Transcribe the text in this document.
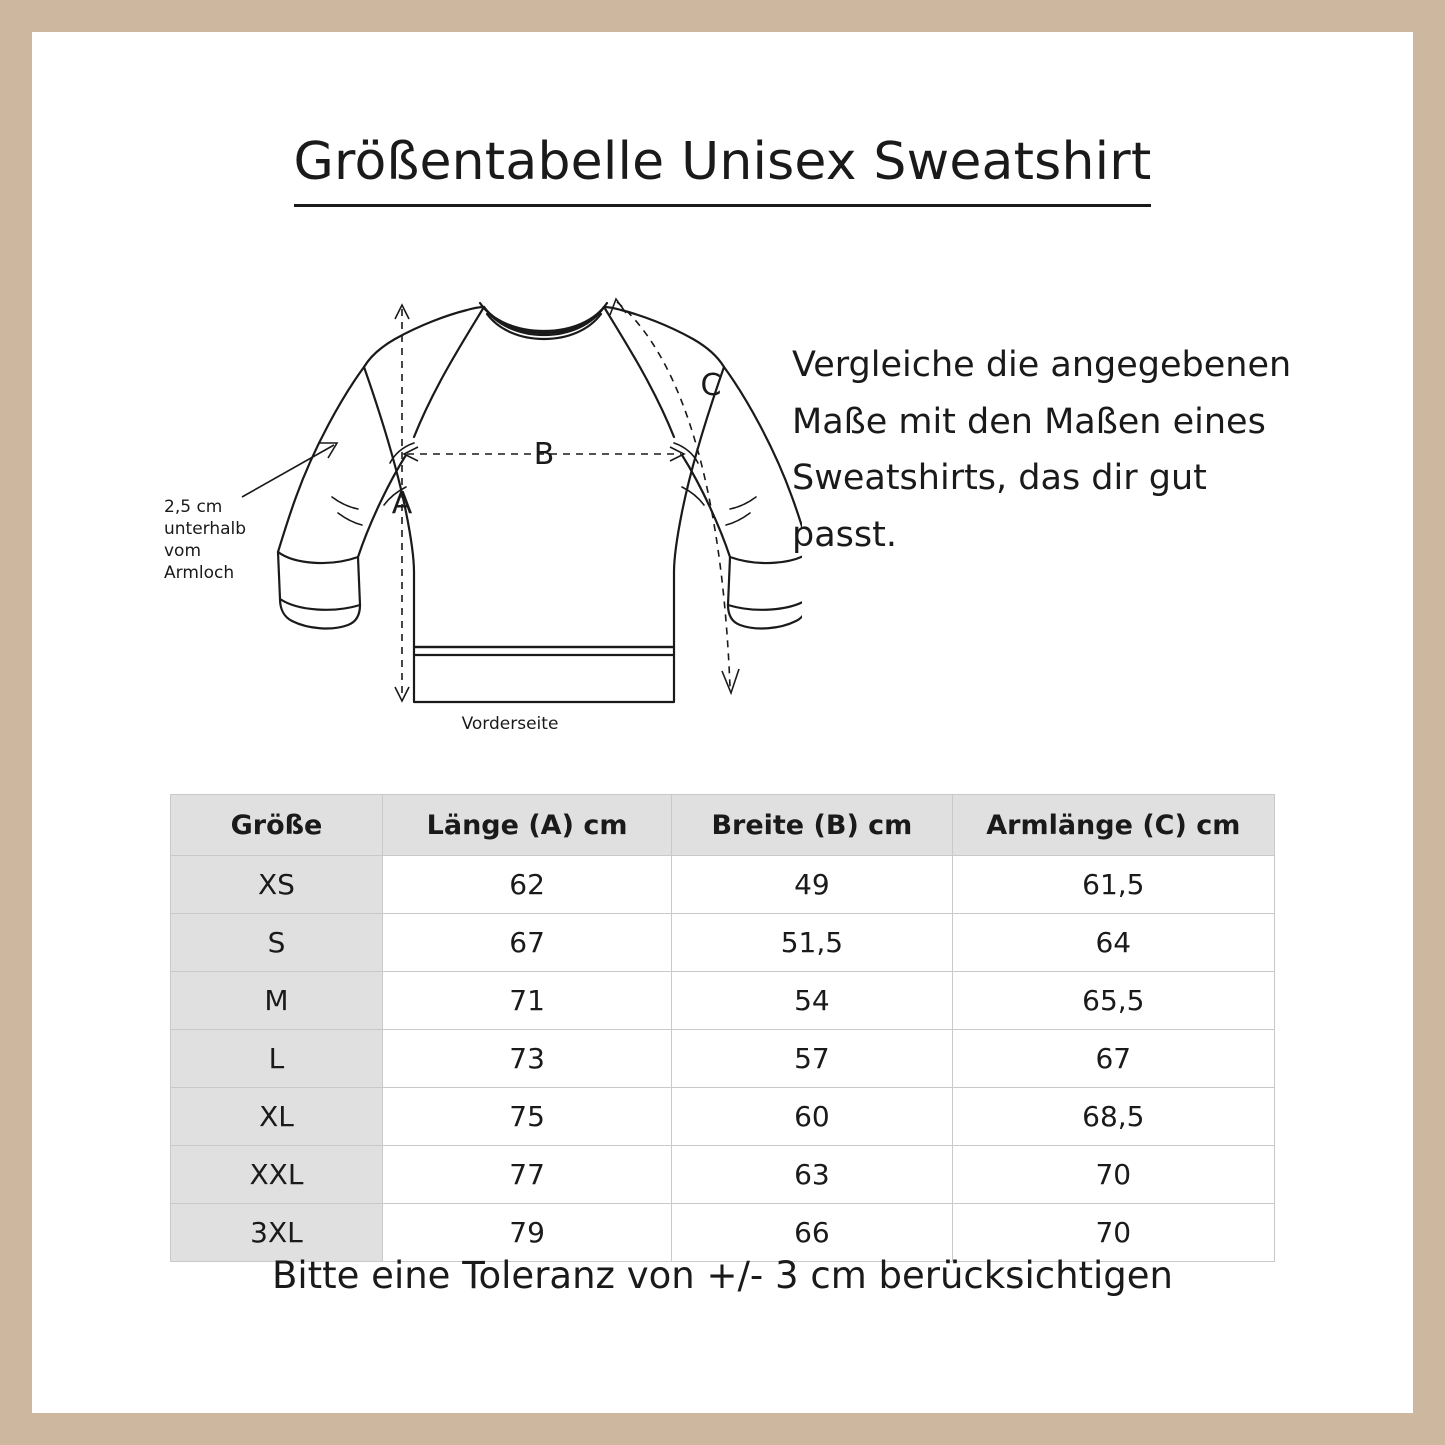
Größentabelle Unisex Sweatshirt
A
B
C
Vorderseite
2,5 cm
unterhalb
vom
Armloch
Vergleiche die angegebenen Maße mit den Maßen eines Sweatshirts, das dir gut passt.
Größe	Länge (A) cm	Breite (B) cm	Armlänge (C) cm
XS	62	49	61,5
S	67	51,5	64
M	71	54	65,5
L	73	57	67
XL	75	60	68,5
XXL	77	63	70
3XL	79	66	70
Bitte eine Toleranz von +/- 3 cm berücksichtigen
